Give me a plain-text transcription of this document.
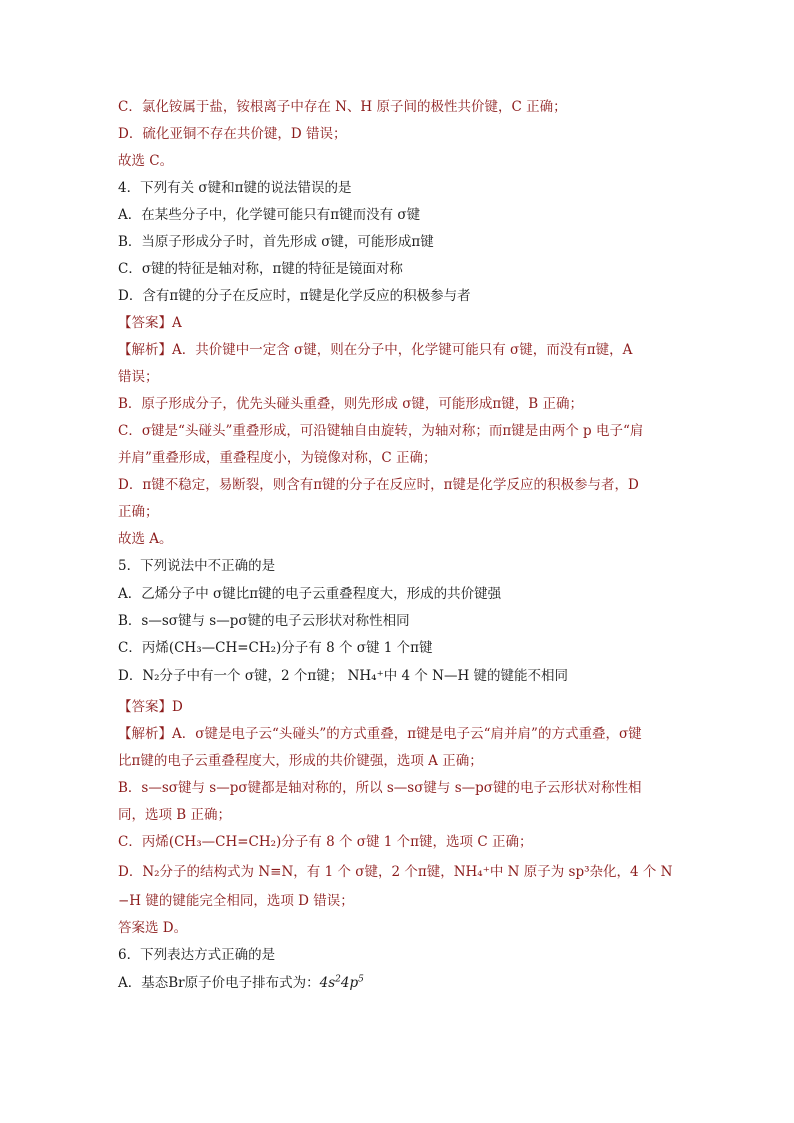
C．氯化铵属于盐，铵根离子中存在 N、H 原子间的极性共价键，C 正确；
D．硫化亚铜不存在共价键，D 错误；
故选 C。
4．下列有关 σ键和π键的说法错误的是
A．在某些分子中，化学键可能只有π键而没有 σ键
B．当原子形成分子时，首先形成 σ键，可能形成π键
C．σ键的特征是轴对称，π键的特征是镜面对称
D．含有π键的分子在反应时，π键是化学反应的积极参与者
【答案】A
【解析】A．共价键中一定含 σ键，则在分子中，化学键可能只有 σ键，而没有π键，A
错误；
B．原子形成分子，优先头碰头重叠，则先形成 σ键，可能形成π键，B 正确；
C．σ键是“头碰头”重叠形成，可沿键轴自由旋转，为轴对称；而π键是由两个 p 电子“肩
并肩”重叠形成，重叠程度小，为镜像对称，C 正确；
D．π键不稳定，易断裂，则含有π键的分子在反应时，π键是化学反应的积极参与者，D
正确；
故选 A。
5．下列说法中不正确的是
A．乙烯分子中 σ键比π键的电子云重叠程度大，形成的共价键强
B．s—sσ键与 s—pσ键的电子云形状对称性相同
C．丙烯(CH₃—CH=CH₂)分子有 8 个 σ键 1 个π键
D．N₂分子中有一个 σ键，2 个π键； NH₄⁺中 4 个 N—H 键的键能不相同
【答案】D
【解析】A．σ键是电子云“头碰头”的方式重叠，π键是电子云“肩并肩”的方式重叠，σ键
比π键的电子云重叠程度大，形成的共价键强，选项 A 正确；
B．s—sσ键与 s—pσ键都是轴对称的，所以 s—sσ键与 s—pσ键的电子云形状对称性相
同，选项 B 正确；
C．丙烯(CH₃—CH=CH₂)分子有 8 个 σ键 1 个π键，选项 C 正确；
D．N₂分子的结构式为 N≡N，有 1 个 σ键，2 个π键，NH₄⁺中 N 原子为 sp³杂化，4 个 N
−H 键的键能完全相同，选项 D 错误；
答案选 D。
6．下列表达方式正确的是
A．基态Br原子价电子排布式为：$4s^24p^5$
